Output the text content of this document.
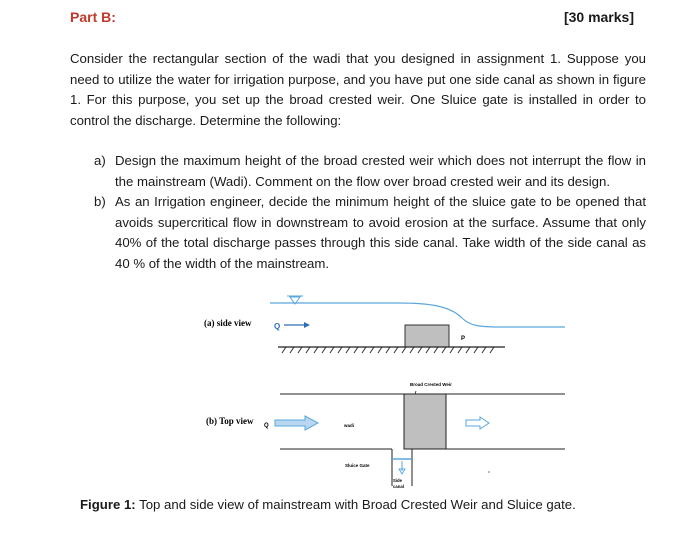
Part B:	[30 marks]

Consider the rectangular section of the wadi that you designed in assignment 1. Suppose you need to utilize the water for irrigation purpose, and you have put one side canal as shown in figure 1. For this purpose, you set up the broad crested weir. One Sluice gate is installed in order to control the discharge. Determine the following:

a) Design the maximum height of the broad crested weir which does not interrupt the flow in the mainstream (Wadi). Comment on the flow over broad crested weir and its design.
b) As an Irrigation engineer, decide the minimum height of the sluice gate to be opened that avoids supercritical flow in downstream to avoid erosion at the surface. Assume that only 40% of the total discharge passes through this side canal. Take width of the side canal as 40 % of the width of the mainstream.
(a) side view	Q
P
Broad Crested Weir
(b) Top view Q	wadi
Sluice Gate
Side
canal
Figure 1: Top and side view of mainstream with Broad Crested Weir and Sluice gate.
